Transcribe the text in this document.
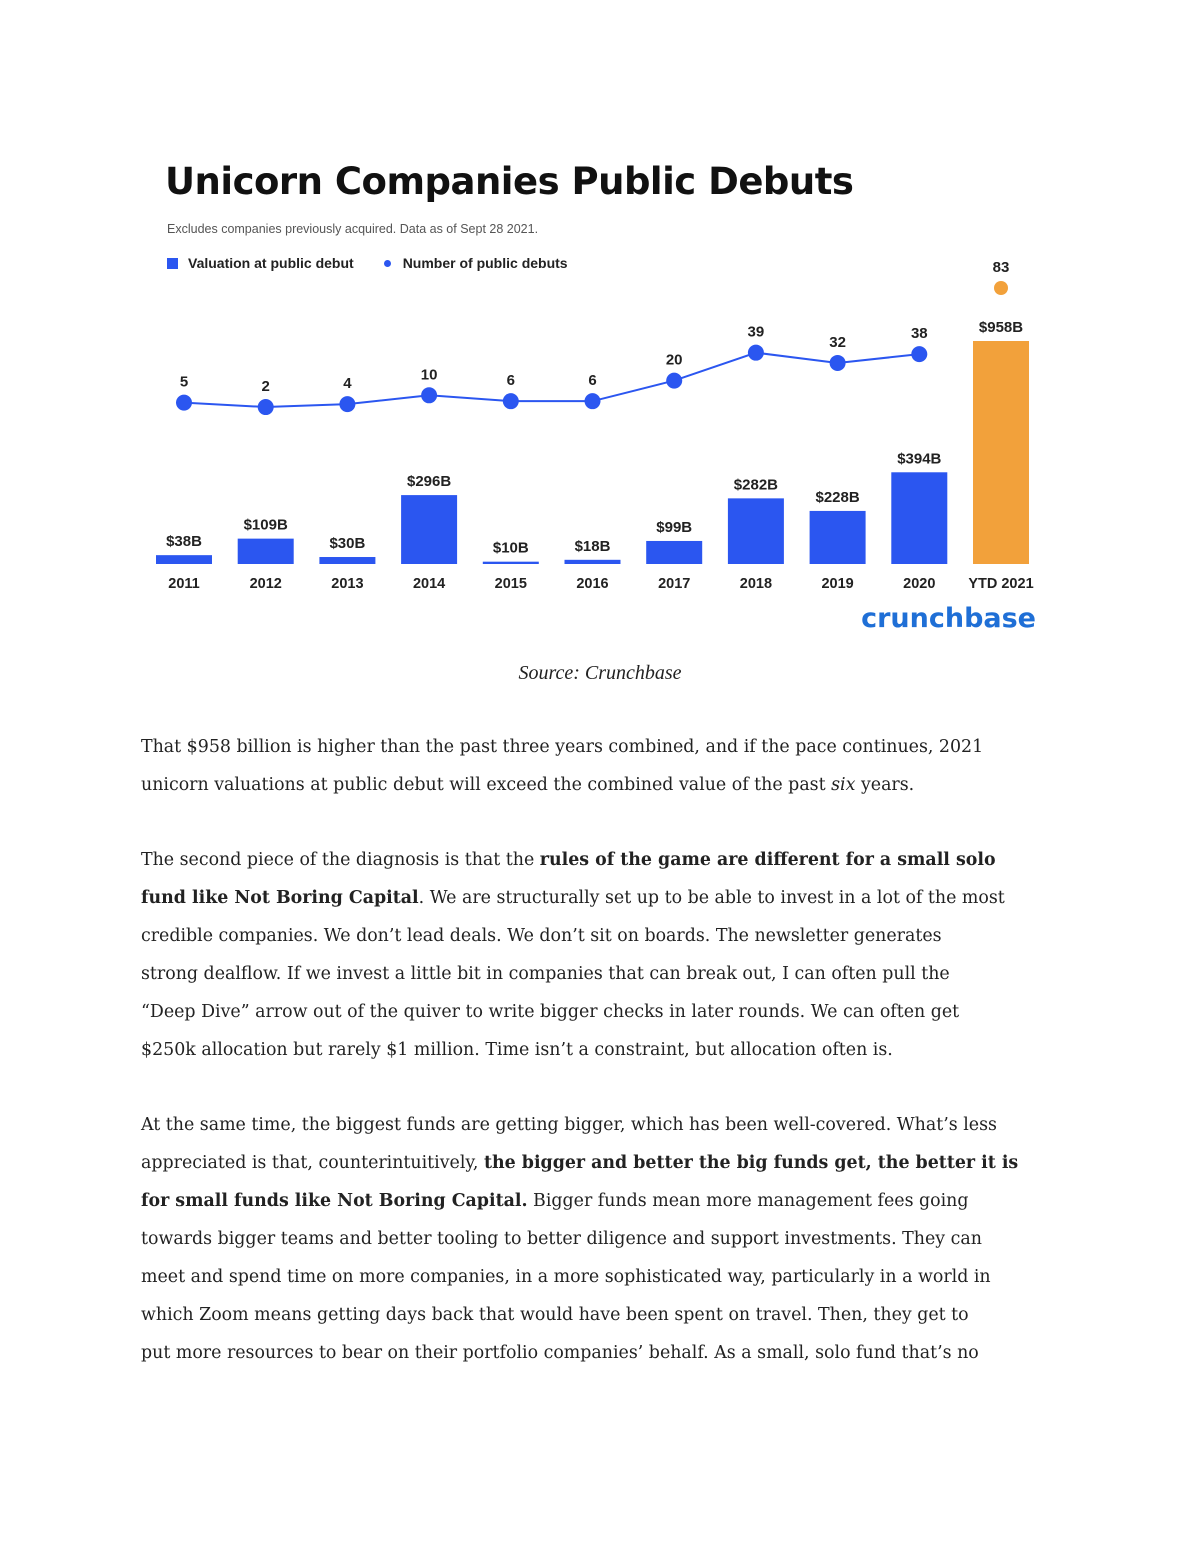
Unicorn Companies Public Debuts
Excludes companies previously acquired. Data as of Sept 28 2021.
Valuation at public debut	Number of public debuts
$38B
2011
$109B
2012
$30B
2013
$296B
2014
$10B
2015
$18B
2016
$99B
2017
$282B
2018
$228B
2019
$394B
2020
$958B
YTD 2021
5	2	4
10	6	6
20
39
32
38
83
crunchbase
Source: Crunchbase

That $958 billion is higher than the past three years combined, and if the pace continues, 2021
unicorn valuations at public debut will exceed the combined value of the past six years.

The second piece of the diagnosis is that the rules of the game are different for a small solo
fund like Not Boring Capital. We are structurally set up to be able to invest in a lot of the most
credible companies. We don’t lead deals. We don’t sit on boards. The newsletter generates
strong dealflow. If we invest a little bit in companies that can break out, I can often pull the
“Deep Dive” arrow out of the quiver to write bigger checks in later rounds. We can often get
$250k allocation but rarely $1 million. Time isn’t a constraint, but allocation often is.

At the same time, the biggest funds are getting bigger, which has been well-covered. What’s less
appreciated is that, counterintuitively, the bigger and better the big funds get, the better it is
for small funds like Not Boring Capital. Bigger funds mean more management fees going
towards bigger teams and better tooling to better diligence and support investments. They can
meet and spend time on more companies, in a more sophisticated way, particularly in a world in
which Zoom means getting days back that would have been spent on travel. Then, they get to
put more resources to bear on their portfolio companies’ behalf. As a small, solo fund that’s no
